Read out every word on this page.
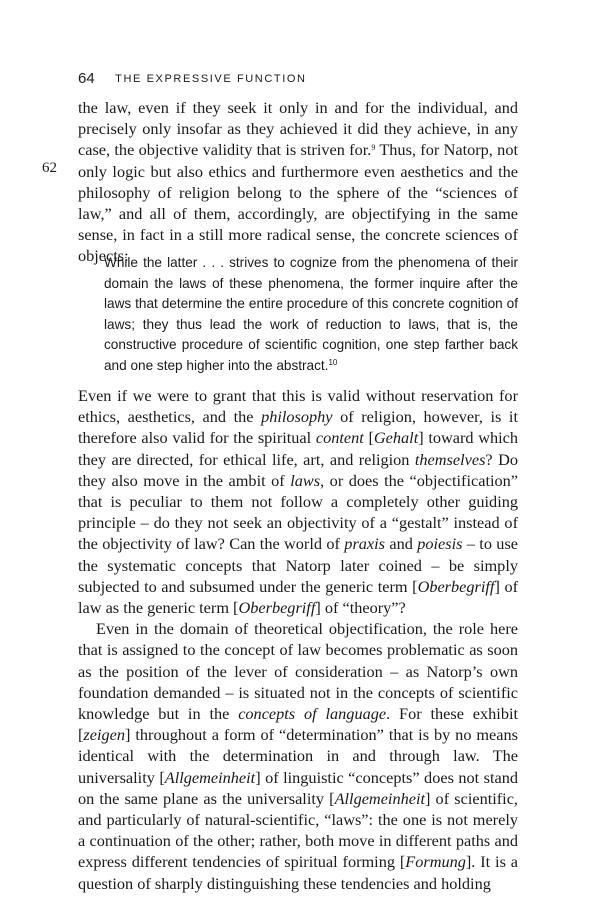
64 THE EXPRESSIVE FUNCTION
62

the law, even if they seek it only in and for the individual, and precisely only insofar as they achieved it did they achieve, in any case, the objective validity that is striven for.$^9$ Thus, for Natorp, not only logic but also ethics and furthermore even aesthetics and the philosophy of religion belong to the sphere of the “sciences of law,” and all of them, accordingly, are objectifying in the same sense, in fact in a still more radical sense, the concrete sciences of objects:

While the latter . . . strives to cognize from the phenomena of their domain the laws of these phenomena, the former inquire after the laws that determine the entire procedure of this concrete cognition of laws; they thus lead the work of reduction to laws, that is, the constructive procedure of scientific cognition, one step farther back and one step higher into the abstract.$^{10}$

Even if we were to grant that this is valid without reservation for ethics, aesthetics, and the philosophy of religion, however, is it therefore also valid for the spiritual content [Gehalt] toward which they are directed, for ethical life, art, and religion themselves? Do they also move in the ambit of laws, or does the “objectification” that is peculiar to them not follow a completely other guiding principle – do they not seek an objectivity of a “gestalt” instead of the objectivity of law? Can the world of praxis and poiesis – to use the systematic concepts that Natorp later coined – be simply subjected to and subsumed under the generic term [Oberbegriff] of law as the generic term [Oberbegriff] of “theory”?

Even in the domain of theoretical objectification, the role here that is assigned to the concept of law becomes problematic as soon as the position of the lever of consideration – as Natorp’s own foundation demanded – is situated not in the concepts of scientific knowledge but in the concepts of language. For these exhibit [zeigen] throughout a form of “determination” that is by no means identical with the determination in and through law. The universality [Allgemeinheit] of linguistic “concepts” does not stand on the same plane as the universality [Allgemeinheit] of scientific, and particularly of natural-scientific, “laws”: the one is not merely a continuation of the other; rather, both move in different paths and express different tendencies of spiritual forming [Formung]. It is a question of sharply distinguishing these tendencies and holding
